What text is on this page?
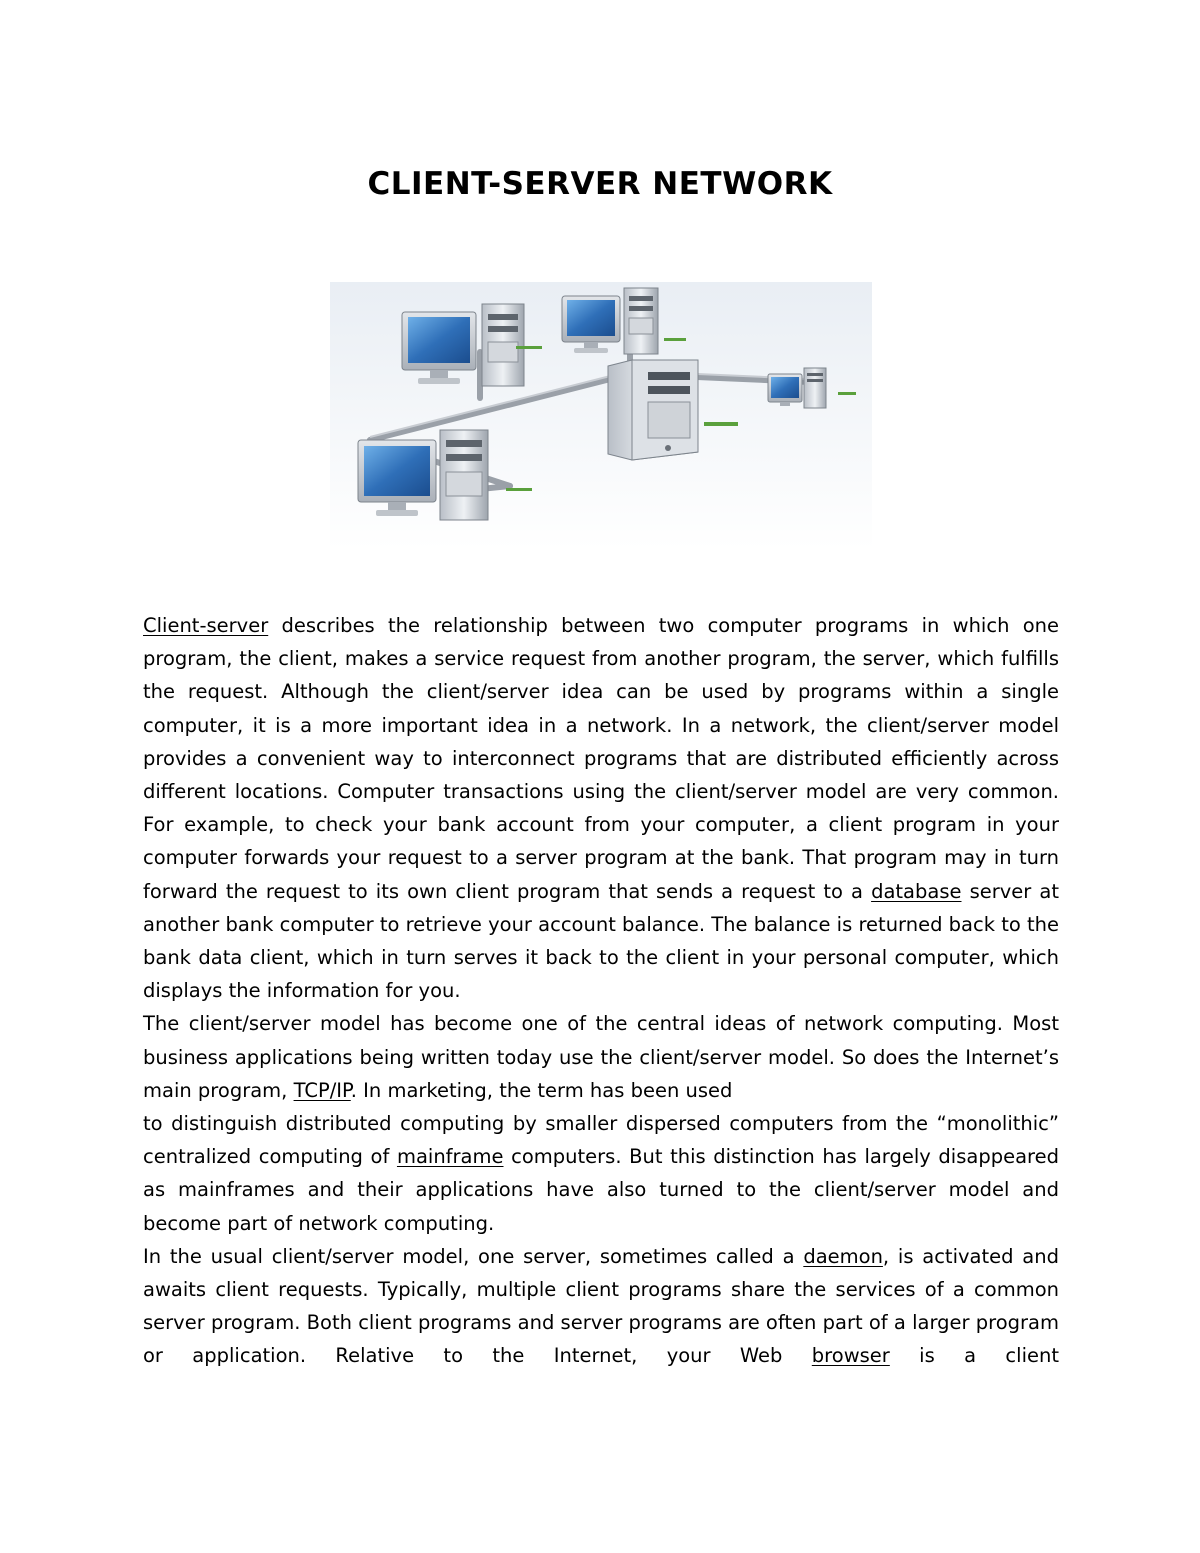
CLIENT-SERVER NETWORK

Client-server describes the relationship between two computer programs in which one program, the client, makes a service request from another program, the server, which fulfills the request. Although the client/server idea can be used by programs within a single computer, it is a more important idea in a network. In a network, the client/server model provides a convenient way to interconnect programs that are distributed efficiently across different locations. Computer transactions using the client/server model are very common. For example, to check your bank account from your computer, a client program in your computer forwards your request to a server program at the bank. That program may in turn forward the request to its own client program that sends a request to a database server at another bank computer to retrieve your account balance. The balance is returned back to the bank data client, which in turn serves it back to the client in your personal computer, which displays the information for you.

The client/server model has become one of the central ideas of network computing. Most business applications being written today use the client/server model. So does the Internet’s main program, TCP/IP. In marketing, the term has been used

to distinguish distributed computing by smaller dispersed computers from the “monolithic” centralized computing of mainframe computers. But this distinction has largely disappeared as mainframes and their applications have also turned to the client/server model and become part of network computing.

In the usual client/server model, one server, sometimes called a daemon, is activated and awaits client requests. Typically, multiple client programs share the services of a common server program. Both client programs and server programs are often part of a larger program or application. Relative to the Internet, your Web browser is a client
